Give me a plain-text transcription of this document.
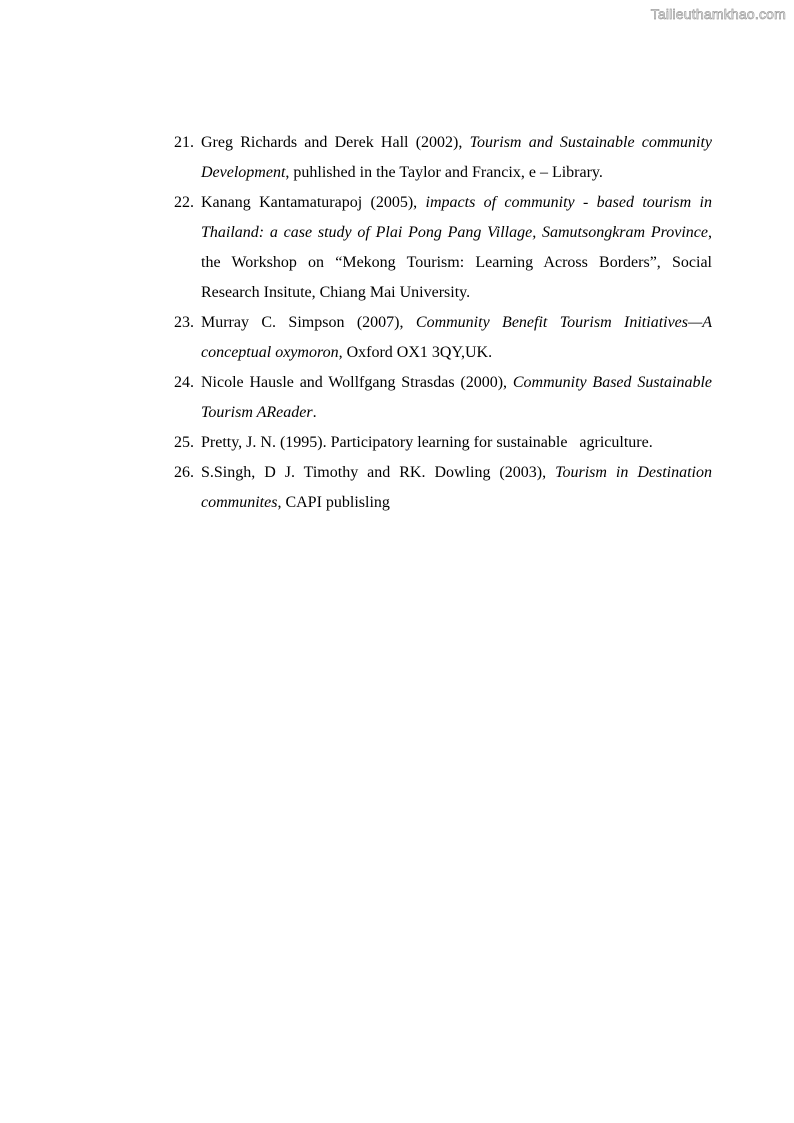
Tailieuthamkhao.com
21. Greg Richards and Derek Hall (2002), Tourism and Sustainable community Development, puhlished in the Taylor and Francix, e – Library.
22. Kanang Kantamaturapoj (2005), impacts of community - based tourism in Thailand: a case study of Plai Pong Pang Village, Samutsongkram Province, the Workshop on “Mekong Tourism: Learning Across Borders”, Social Research Insitute, Chiang Mai University.
23. Murray C. Simpson (2007), Community Benefit Tourism Initiatives—A conceptual oxymoron, Oxford OX1 3QY,UK.
24. Nicole Hausle and Wollfgang Strasdas (2000), Community Based Sustainable Tourism AReader.
25. Pretty, J. N. (1995). Participatory learning for sustainable   agriculture.
26. S.Singh, D J. Timothy and RK. Dowling (2003), Tourism in Destination communites, CAPI publisling
